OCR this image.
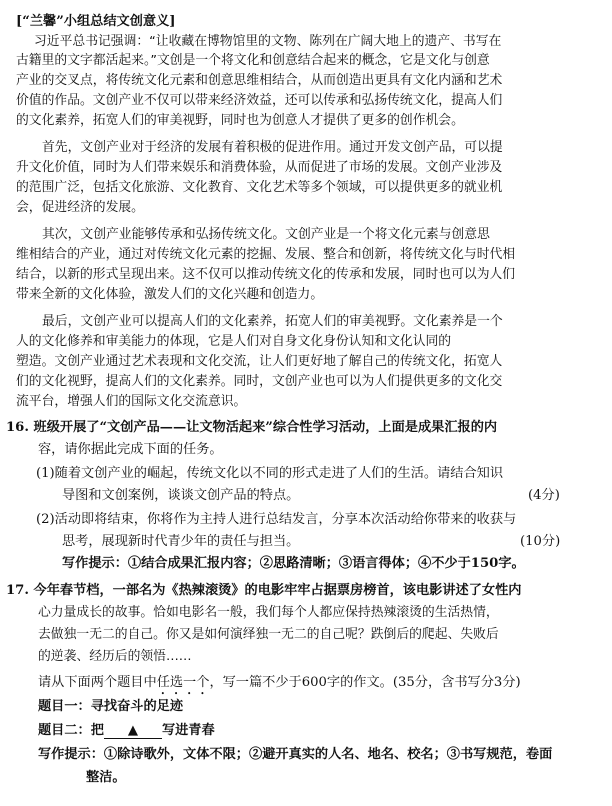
[“兰馨”小组总结文创意义]
习近平总书记强调：“让收藏在博物馆里的文物、陈列在广阔大地上的遗产、书写在
古籍里的文字都活起来。”文创是一个将文化和创意结合起来的概念，它是文化与创意
产业的交叉点，将传统文化元素和创意思维相结合，从而创造出更具有文化内涵和艺术
价值的作品。文创产业不仅可以带来经济效益，还可以传承和弘扬传统文化，提高人们
的文化素养，拓宽人们的审美视野，同时也为创意人才提供了更多的创作机会。
首先，文创产业对于经济的发展有着积极的促进作用。通过开发文创产品，可以提
升文化价值，同时为人们带来娱乐和消费体验，从而促进了市场的发展。文创产业涉及
的范围广泛，包括文化旅游、文化教育、文化艺术等多个领域，可以提供更多的就业机
会，促进经济的发展。
其次，文创产业能够传承和弘扬传统文化。文创产业是一个将文化元素与创意思
维相结合的产业，通过对传统文化元素的挖掘、发展、整合和创新，将传统文化与时代相
结合，以新的形式呈现出来。这不仅可以推动传统文化的传承和发展，同时也可以为人们
带来全新的文化体验，激发人们的文化兴趣和创造力。
最后，文创产业可以提高人们的文化素养，拓宽人们的审美视野。文化素养是一个
人的文化修养和审美能力的体现，它是人们对自身文化身份认知和文化认同的
塑造。文创产业通过艺术表现和文化交流，让人们更好地了解自己的传统文化，拓宽人
们的文化视野，提高人们的文化素养。同时，文创产业也可以为人们提供更多的文化交
流平台，增强人们的国际文化交流意识。
16. 班级开展了“文创产品——让文物活起来”综合性学习活动，上面是成果汇报的内
容，请你据此完成下面的任务。
(1)随着文创产业的崛起，传统文化以不同的形式走进了人们的生活。请结合知识
导图和文创案例，谈谈文创产品的特点。	(4分)
(2)活动即将结束，你将作为主持人进行总结发言，分享本次活动给你带来的收获与
思考，展现新时代青少年的责任与担当。	(10分)
写作提示：①结合成果汇报内容；②思路清晰；③语言得体；④不少于150字。
17. 今年春节档，一部名为《热辣滚烫》的电影牢牢占据票房榜首，该电影讲述了女性内
心力量成长的故事。恰如电影名一般，我们每个人都应保持热辣滚烫的生活热情，
去做独一无二的自己。你又是如何演绎独一无二的自己呢？跌倒后的爬起、失败后
的逆袭、经历后的领悟……
请从下面两个题目中任选一个，写一篇不少于600字的作文。(35分，含书写分3分)
题目一：寻找奋斗的足迹
题目二：把 ▲ 写进青春
写作提示：①除诗歌外，文体不限；②避开真实的人名、地名、校名；③书写规范，卷面
整洁。
